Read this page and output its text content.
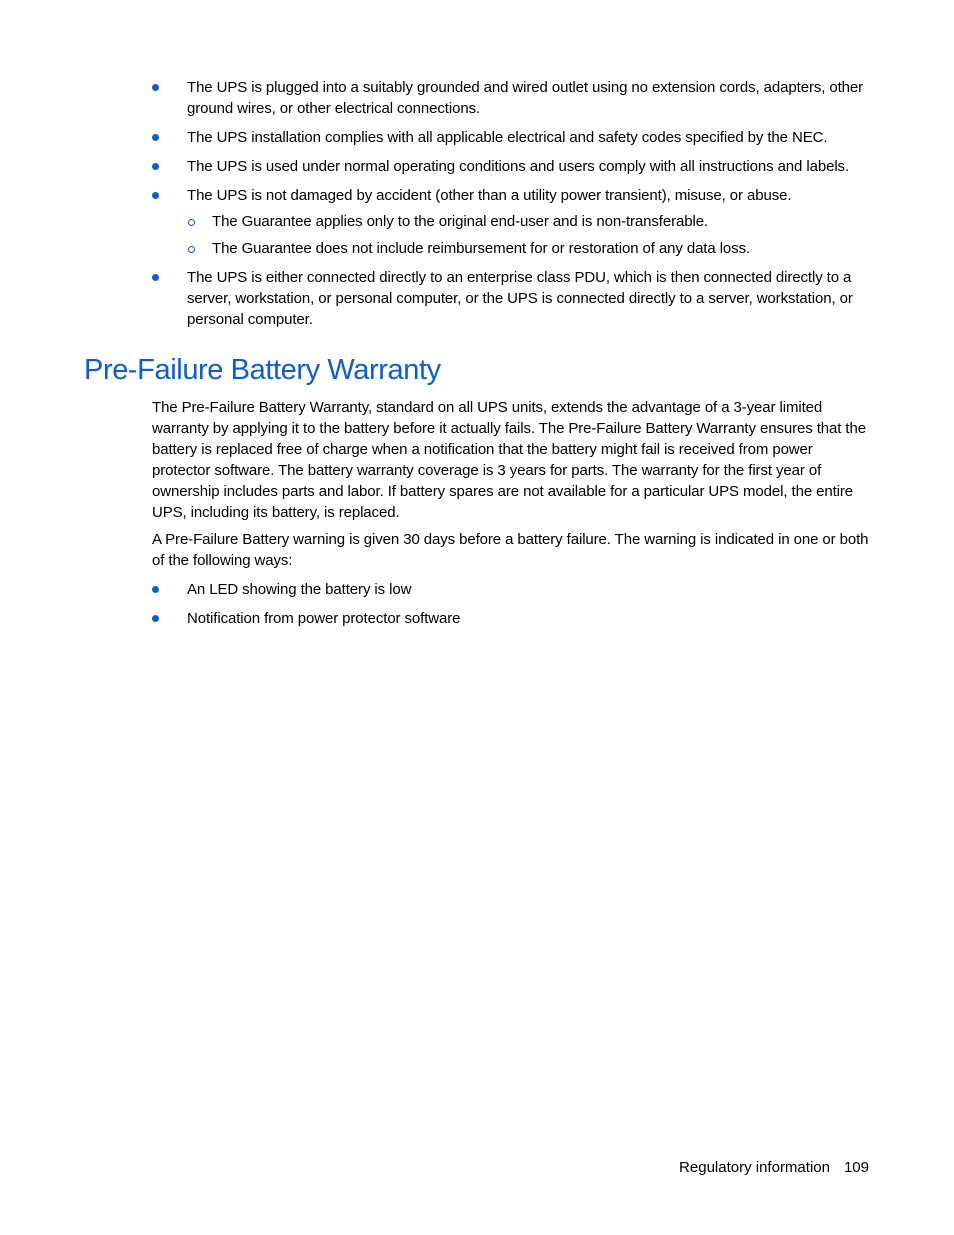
The UPS is plugged into a suitably grounded and wired outlet using no extension cords, adapters, other ground wires, or other electrical connections.
The UPS installation complies with all applicable electrical and safety codes specified by the NEC.
The UPS is used under normal operating conditions and users comply with all instructions and labels.
The UPS is not damaged by accident (other than a utility power transient), misuse, or abuse.
The Guarantee applies only to the original end-user and is non-transferable.
The Guarantee does not include reimbursement for or restoration of any data loss.
The UPS is either connected directly to an enterprise class PDU, which is then connected directly to a server, workstation, or personal computer, or the UPS is connected directly to a server, workstation, or personal computer.
Pre-Failure Battery Warranty

The Pre-Failure Battery Warranty, standard on all UPS units, extends the advantage of a 3-year limited warranty by applying it to the battery before it actually fails. The Pre-Failure Battery Warranty ensures that the battery is replaced free of charge when a notification that the battery might fail is received from power protector software. The battery warranty coverage is 3 years for parts. The warranty for the first year of ownership includes parts and labor. If battery spares are not available for a particular UPS model, the entire UPS, including its battery, is replaced.

A Pre-Failure Battery warning is given 30 days before a battery failure. The warning is indicated in one or both of the following ways:

An LED showing the battery is low
Notification from power protector software
Regulatory information 109
